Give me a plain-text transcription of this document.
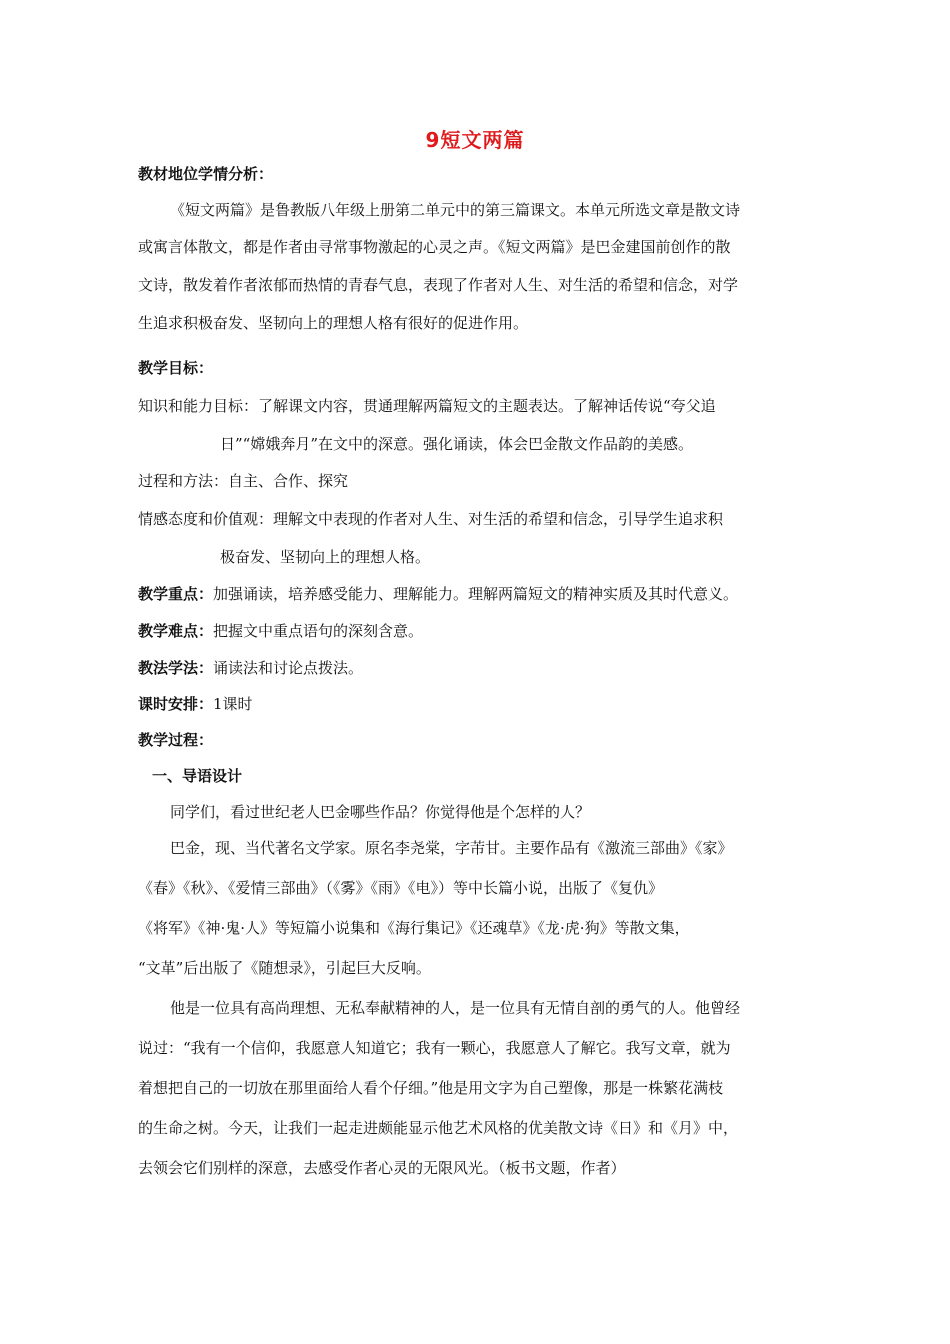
9短文两篇
教材地位学情分析：
《短文两篇》是鲁教版八年级上册第二单元中的第三篇课文。本单元所选文章是散文诗
或寓言体散文，都是作者由寻常事物激起的心灵之声。《短文两篇》是巴金建国前创作的散
文诗，散发着作者浓郁而热情的青春气息，表现了作者对人生、对生活的希望和信念，对学
生追求积极奋发、坚韧向上的理想人格有很好的促进作用。
教学目标：
知识和能力目标：了解课文内容，贯通理解两篇短文的主题表达。了解神话传说“夸父追
日”“嫦娥奔月”在文中的深意。强化诵读，体会巴金散文作品韵的美感。
过程和方法：自主、合作、探究
情感态度和价值观：理解文中表现的作者对人生、对生活的希望和信念，引导学生追求积
极奋发、坚韧向上的理想人格。
教学重点：加强诵读，培养感受能力、理解能力。理解两篇短文的精神实质及其时代意义。
教学难点：把握文中重点语句的深刻含意。
教法学法：诵读法和讨论点拨法。
课时安排：1课时
教学过程：
一、导语设计
同学们，看过世纪老人巴金哪些作品？你觉得他是个怎样的人？
巴金，现、当代著名文学家。原名李尧棠，字芾甘。主要作品有《激流三部曲》《家》
《春》《秋》、《爱情三部曲》（《雾》《雨》《电》）等中长篇小说，出版了《复仇》
《将军》《神·鬼·人》等短篇小说集和《海行集记》《还魂草》《龙·虎·狗》等散文集，
“文革”后出版了《随想录》，引起巨大反响。
他是一位具有高尚理想、无私奉献精神的人，是一位具有无情自剖的勇气的人。他曾经
说过：“我有一个信仰，我愿意人知道它；我有一颗心，我愿意人了解它。我写文章，就为
着想把自己的一切放在那里面给人看个仔细。”他是用文字为自己塑像，那是一株繁花满枝
的生命之树。今天，让我们一起走进颇能显示他艺术风格的优美散文诗《日》和《月》中，
去领会它们别样的深意，去感受作者心灵的无限风光。（板书文题，作者）
